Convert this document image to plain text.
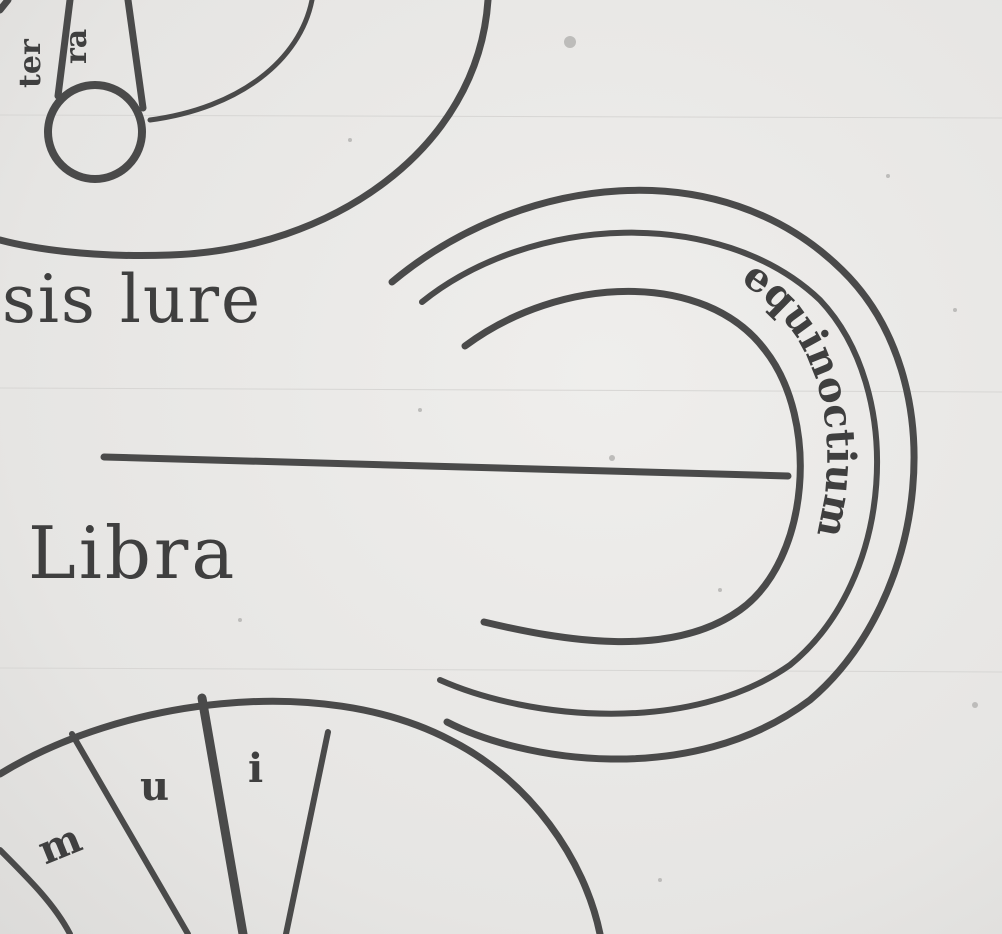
ra
ter
sis lure
Libra
equinoctium
m
u i
